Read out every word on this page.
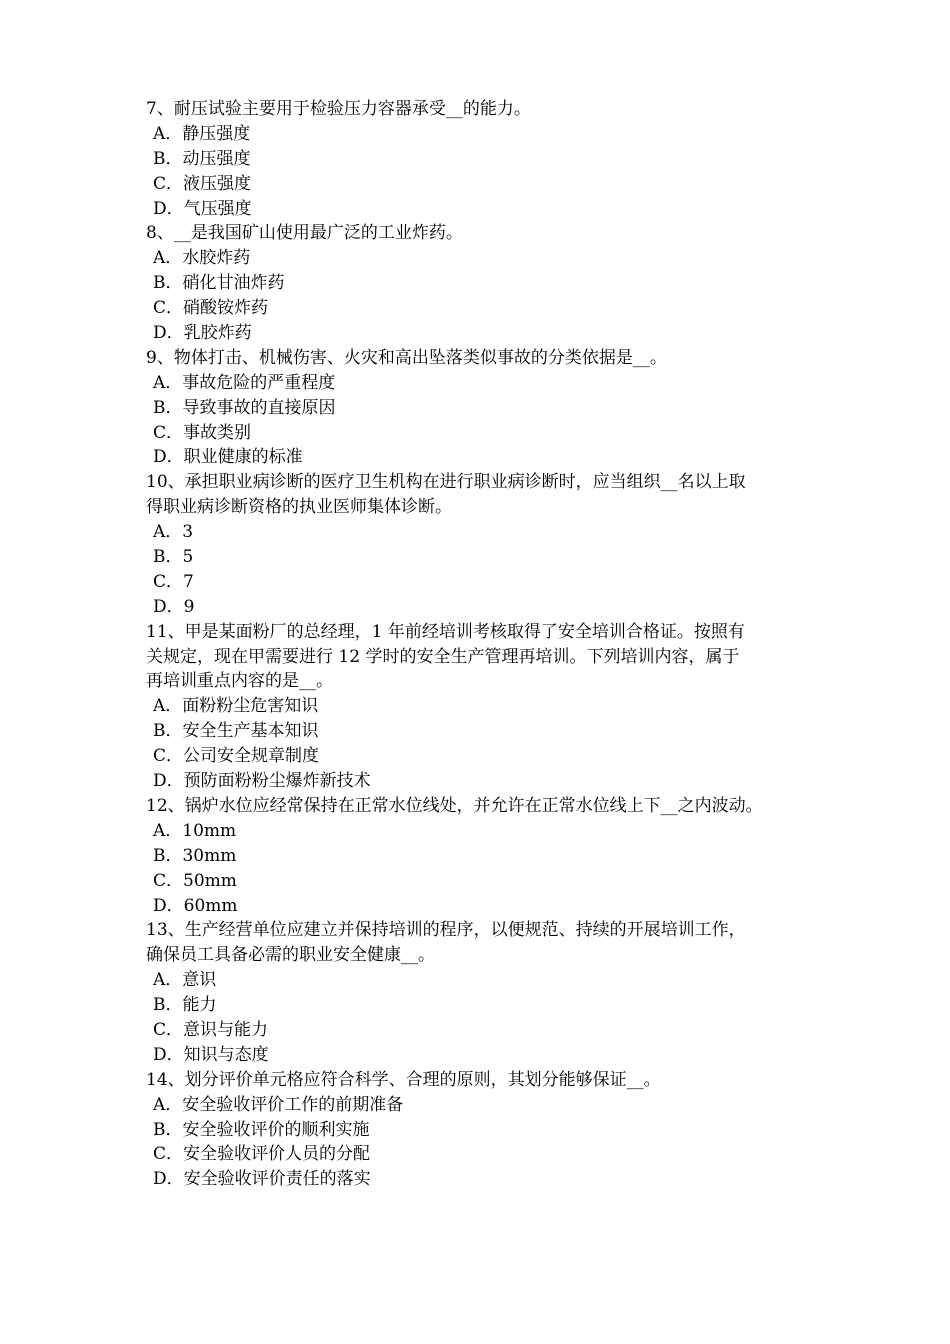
7、耐压试验主要用于检验压力容器承受__的能力。
A．静压强度
B．动压强度
C．液压强度
D．气压强度
8、__是我国矿山使用最广泛的工业炸药。
A．水胶炸药
B．硝化甘油炸药
C．硝酸铵炸药
D．乳胶炸药
9、物体打击、机械伤害、火灾和高出坠落类似事故的分类依据是__。
A．事故危险的严重程度
B．导致事故的直接原因
C．事故类别
D．职业健康的标准
10、承担职业病诊断的医疗卫生机构在进行职业病诊断时，应当组织__名以上取
得职业病诊断资格的执业医师集体诊断。
A．3
B．5
C．7
D．9
11、甲是某面粉厂的总经理，1 年前经培训考核取得了安全培训合格证。按照有
关规定，现在甲需要进行 12 学时的安全生产管理再培训。下列培训内容，属于
再培训重点内容的是__。
A．面粉粉尘危害知识
B．安全生产基本知识
C．公司安全规章制度
D．预防面粉粉尘爆炸新技术
12、锅炉水位应经常保持在正常水位线处，并允许在正常水位线上下__之内波动。
A．10mm
B．30mm
C．50mm
D．60mm
13、生产经营单位应建立并保持培训的程序，以便规范、持续的开展培训工作，
确保员工具备必需的职业安全健康__。
A．意识
B．能力
C．意识与能力
D．知识与态度
14、划分评价单元格应符合科学、合理的原则，其划分能够保证__。
A．安全验收评价工作的前期准备
B．安全验收评价的顺利实施
C．安全验收评价人员的分配
D．安全验收评价责任的落实
